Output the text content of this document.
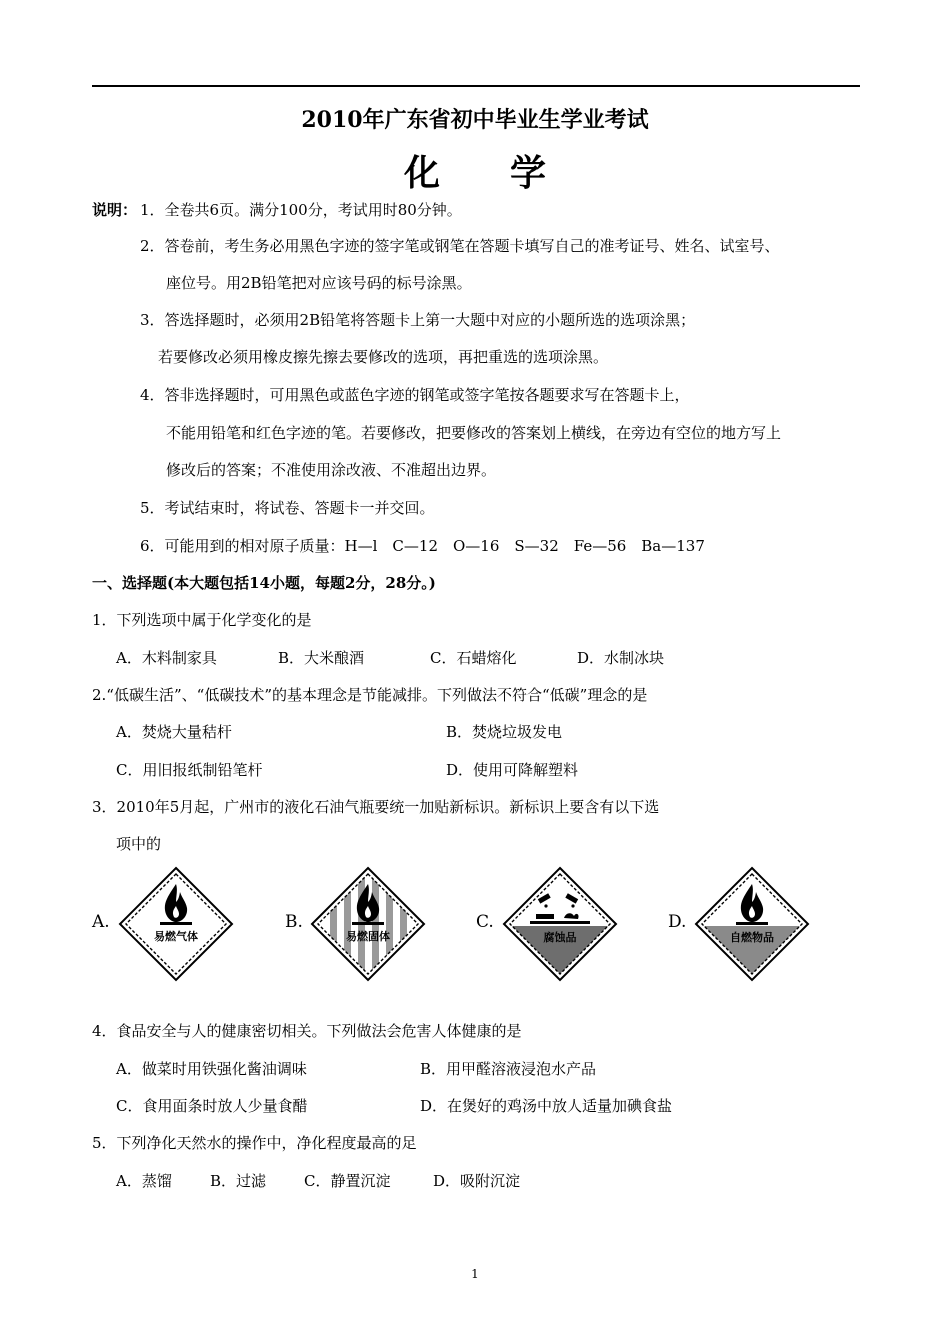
2010年广东省初中毕业生学业考试
化 学
说明： 1．全卷共6页。满分100分，考试用时80分钟。
2．答卷前，考生务必用黑色字迹的签字笔或钢笔在答题卡填写自己的准考证号、姓名、试室号、
座位号。用2B铅笔把对应该号码的标号涂黑。
3．答选择题时，必须用2B铅笔将答题卡上第一大题中对应的小题所选的选项涂黑；
若要修改必须用橡皮擦先擦去要修改的选项，再把重选的选项涂黑。
4．答非选择题时，可用黑色或蓝色字迹的钢笔或签字笔按各题要求写在答题卡上，
不能用铅笔和红色字迹的笔。若要修改，把要修改的答案划上横线，在旁边有空位的地方写上
修改后的答案；不准使用涂改液、不准超出边界。
5．考试结束时，将试卷、答题卡一并交回。
6．可能用到的相对原子质量：H—l　C—12　O—16　S—32　Fe—56　Ba—137
一、选择题(本大题包括14小题，每题2分，28分。)
1．下列选项中属于化学变化的是
A．木料制家具	B．大米酿酒	C．石蜡熔化	D．水制冰块
2.“低碳生活”、“低碳技术”的基本理念是节能减排。下列做法不符合“低碳”理念的是
A．焚烧大量秸杆	B．焚烧垃圾发电
C．用旧报纸制铅笔杆	D．使用可降解塑料
3．2010年5月起，广州市的液化石油气瓶要统一加贴新标识。新标识上要含有以下选
项中的
A.
易燃气体
B.
易燃固体
C.
腐蚀品
D.
自燃物品
4．食品安全与人的健康密切相关。下列做法会危害人体健康的是
A．做菜时用铁强化酱油调味	B．用甲醛溶液浸泡水产品
C．食用面条时放人少量食醋	D．在煲好的鸡汤中放人适量加碘食盐
5．下列净化天然水的操作中，净化程度最高的足
A．蒸馏	B．过滤	C．静置沉淀	D．吸附沉淀
1
